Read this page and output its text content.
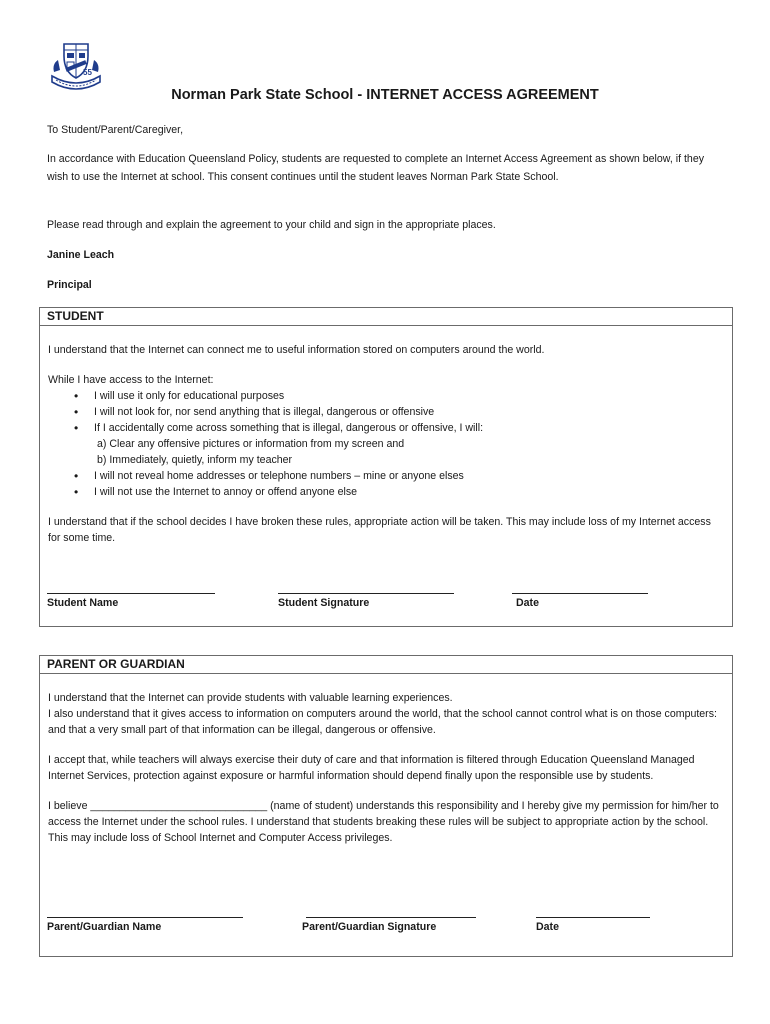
55
Norman Park State School - INTERNET ACCESS AGREEMENT
To Student/Parent/Caregiver,
In accordance with Education Queensland Policy, students are requested to complete an Internet Access Agreement as shown below, if they wish to use the Internet at school. This consent continues until the student leaves Norman Park State School.
Please read through and explain the agreement to your child and sign in the appropriate places.
Janine Leach
Principal
STUDENT
I understand that the Internet can connect me to useful information stored on computers around the world.
While I have access to the Internet:
• I will use it only for educational purposes
• I will not look for, nor send anything that is illegal, dangerous or offensive
• If I accidentally come across something that is illegal, dangerous or offensive, I will:
a) Clear any offensive pictures or information from my screen and
b) Immediately, quietly, inform my teacher
• I will not reveal home addresses or telephone numbers – mine or anyone elses
• I will not use the Internet to annoy or offend anyone else
I understand that if the school decides I have broken these rules, appropriate action will be taken. This may include loss of my Internet access for some time.
Student Name	Student Signature	Date
PARENT OR GUARDIAN
I understand that the Internet can provide students with valuable learning experiences.
I also understand that it gives access to information on computers around the world, that the school cannot control what is on those computers: and that a very small part of that information can be illegal, dangerous or offensive.
I accept that, while teachers will always exercise their duty of care and that information is filtered through Education Queensland Managed Internet Services, protection against exposure or harmful information should depend finally upon the responsible use by students.
I believe ______________________________ (name of student) understands this responsibility and I hereby give my permission for him/her to access the Internet under the school rules. I understand that students breaking these rules will be subject to appropriate action by the school. This may include loss of School Internet and Computer Access privileges.
Parent/Guardian Name	Parent/Guardian Signature	Date
